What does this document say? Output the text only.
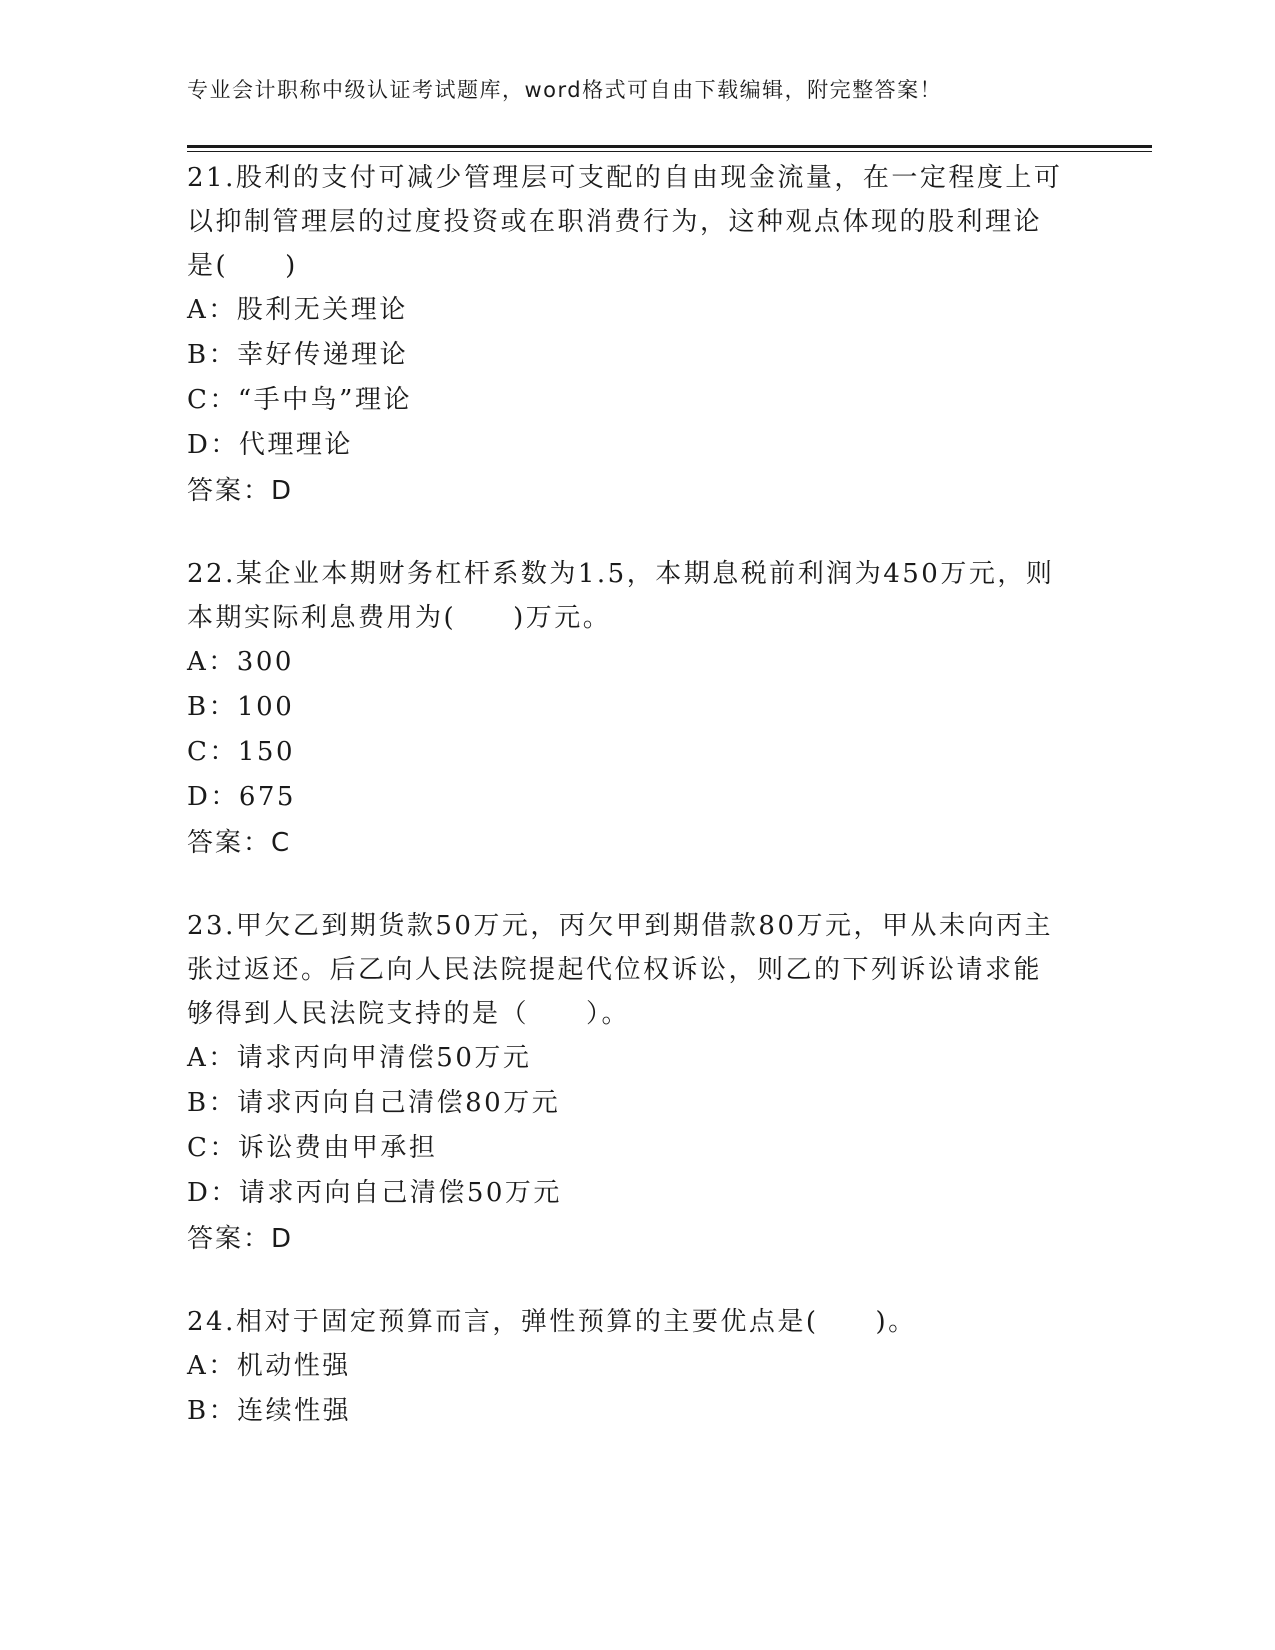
专业会计职称中级认证考试题库，word格式可自由下载编辑，附完整答案！
21.股利的支付可减少管理层可支配的自由现金流量，在一定程度上可以抑制管理层的过度投资或在职消费行为，这种观点体现的股利理论是(　　)
A：股利无关理论
B：幸好传递理论
C：“手中鸟”理论
D：代理理论
答案：D
22.某企业本期财务杠杆系数为1.5，本期息税前利润为450万元，则本期实际利息费用为(　　)万元。
A：300
B：100
C：150
D：675
答案：C
23.甲欠乙到期货款50万元，丙欠甲到期借款80万元，甲从未向丙主张过返还。后乙向人民法院提起代位权诉讼，则乙的下列诉讼请求能够得到人民法院支持的是（　　）。
A：请求丙向甲清偿50万元
B：请求丙向自己清偿80万元
C：诉讼费由甲承担
D：请求丙向自己清偿50万元
答案：D
24.相对于固定预算而言，弹性预算的主要优点是(　　)。
A：机动性强
B：连续性强
